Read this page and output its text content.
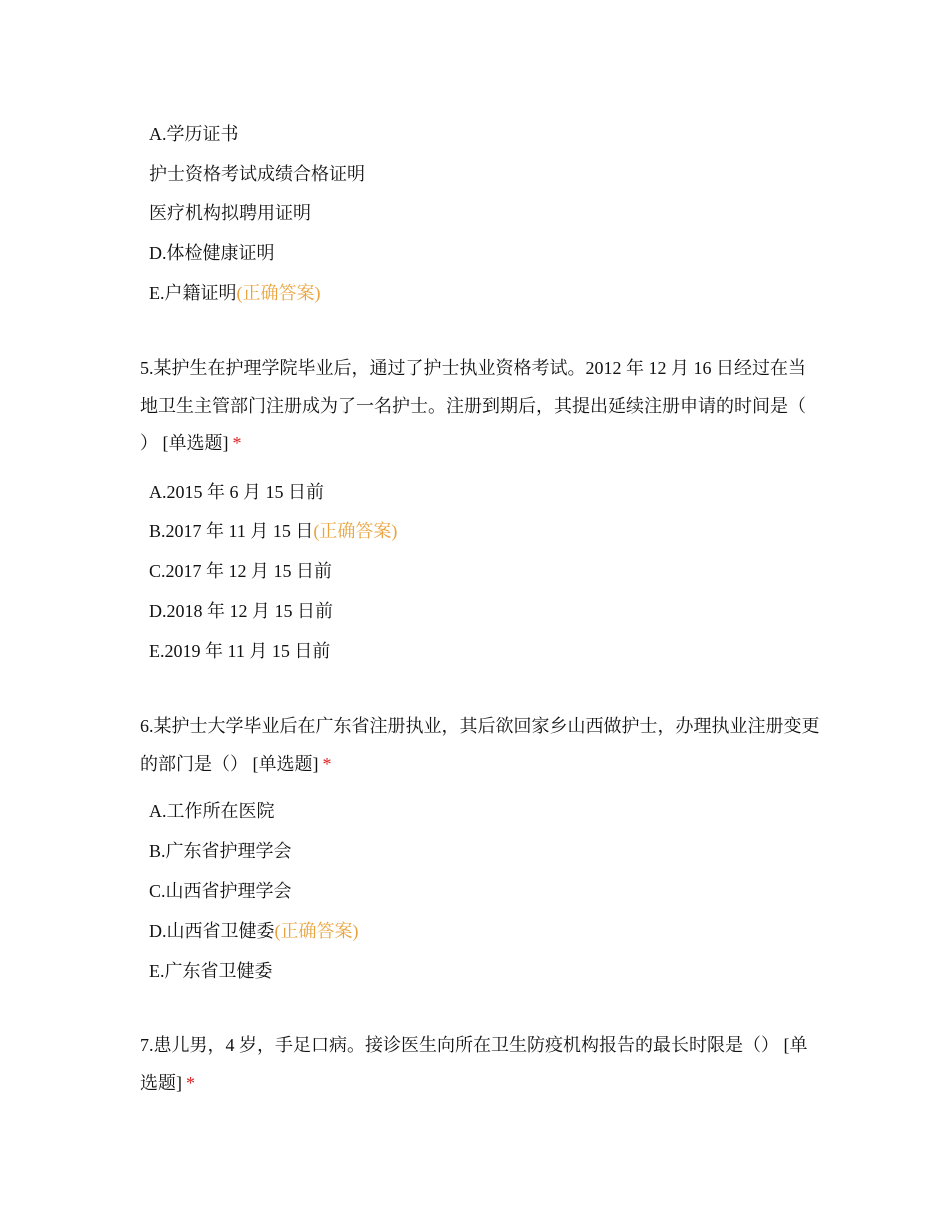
A.学历证书
护士资格考试成绩合格证明
医疗机构拟聘用证明
D.体检健康证明
E.户籍证明(正确答案)
5.某护生在护理学院毕业后，通过了护士执业资格考试。2012 年 12 月 16 日经过在当地卫生主管部门注册成为了一名护士。注册到期后，其提出延续注册申请的时间是（ ） [单选题] *
A.2015 年 6 月 15 日前
B.2017 年 11 月 15 日(正确答案)
C.2017 年 12 月 15 日前
D.2018 年 12 月 15 日前
E.2019 年 11 月 15 日前
6.某护士大学毕业后在广东省注册执业，其后欲回家乡山西做护士，办理执业注册变更的部门是（） [单选题] *
A.工作所在医院
B.广东省护理学会
C.山西省护理学会
D.山西省卫健委(正确答案)
E.广东省卫健委
7.患儿男，4 岁，手足口病。接诊医生向所在卫生防疫机构报告的最长时限是（） [单选题] *
